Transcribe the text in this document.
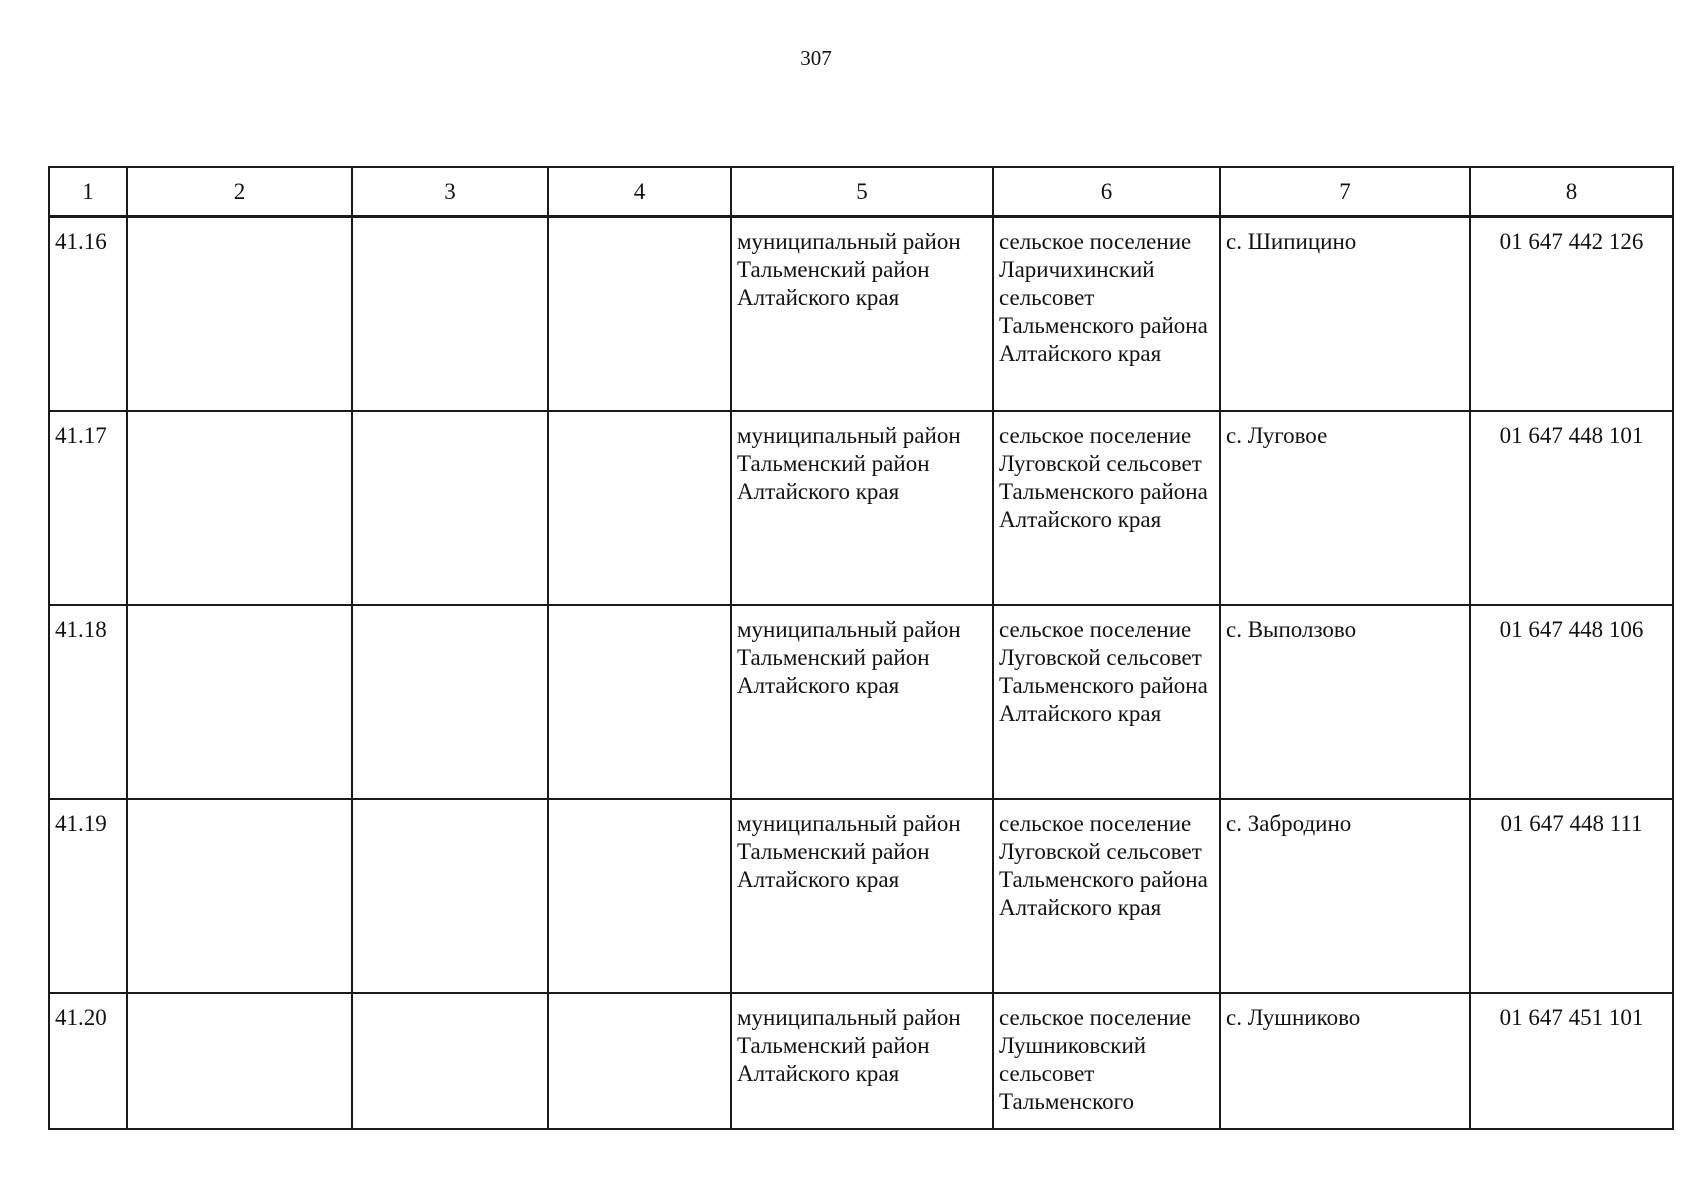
307
1	2	3	4	5	6	7	8
41.16				муниципальный район Тальменский район Алтайского края	сельское поселение Ларичихинский сельсовет Тальменского района Алтайского края	с. Шипицино	01 647 442 126
41.17				муниципальный район Тальменский район Алтайского края	сельское поселение Луговской сельсовет Тальменского района Алтайского края	с. Луговое	01 647 448 101
41.18				муниципальный район Тальменский район Алтайского края	сельское поселение Луговской сельсовет Тальменского района Алтайского края	с. Выползово	01 647 448 106
41.19				муниципальный район Тальменский район Алтайского края	сельское поселение Луговской сельсовет Тальменского района Алтайского края	с. Забродино	01 647 448 111
41.20				муниципальный район Тальменский район Алтайского края	сельское поселение Лушниковский сельсовет Тальменского	с. Лушниково	01 647 451 101
